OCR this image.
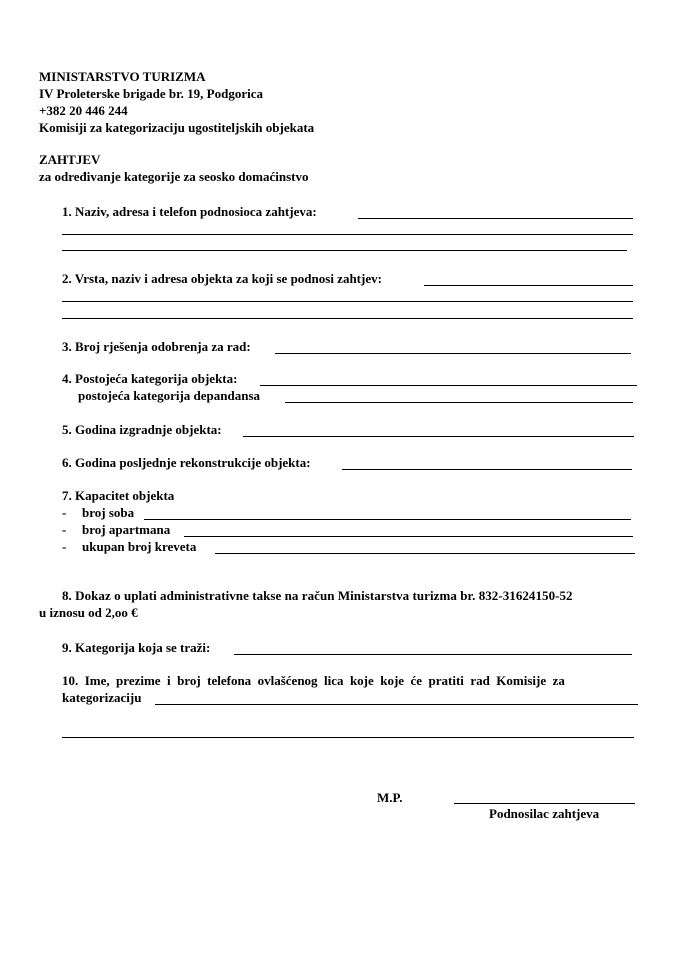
MINISTARSTVO TURIZMA
IV Proleterske brigade br. 19, Podgorica
+382 20 446 244
Komisiji za kategorizaciju ugostiteljskih objekata
ZAHTJEV
za određivanje kategorije za seosko domaćinstvo
1. Naziv, adresa i telefon podnosioca zahtjeva:
2. Vrsta, naziv i adresa objekta za koji se podnosi zahtjev:
3. Broj rješenja odobrenja za rad:
4. Postojeća kategorija objekta:
postojeća kategorija depandansa
5. Godina izgradnje objekta:
6. Godina posljednje rekonstrukcije objekta:
7. Kapacitet objekta
- broj soba
- broj apartmana
- ukupan broj kreveta
8. Dokaz o uplati administrativne takse na račun Ministarstva turizma br. 832-31624150-52
u iznosu od 2,oo €
9. Kategorija koja se traži:
10. Ime, prezime i broj telefona ovlašćenog lica koje koje će pratiti rad Komisije za
kategorizaciju
M.P.
Podnosilac zahtjeva
